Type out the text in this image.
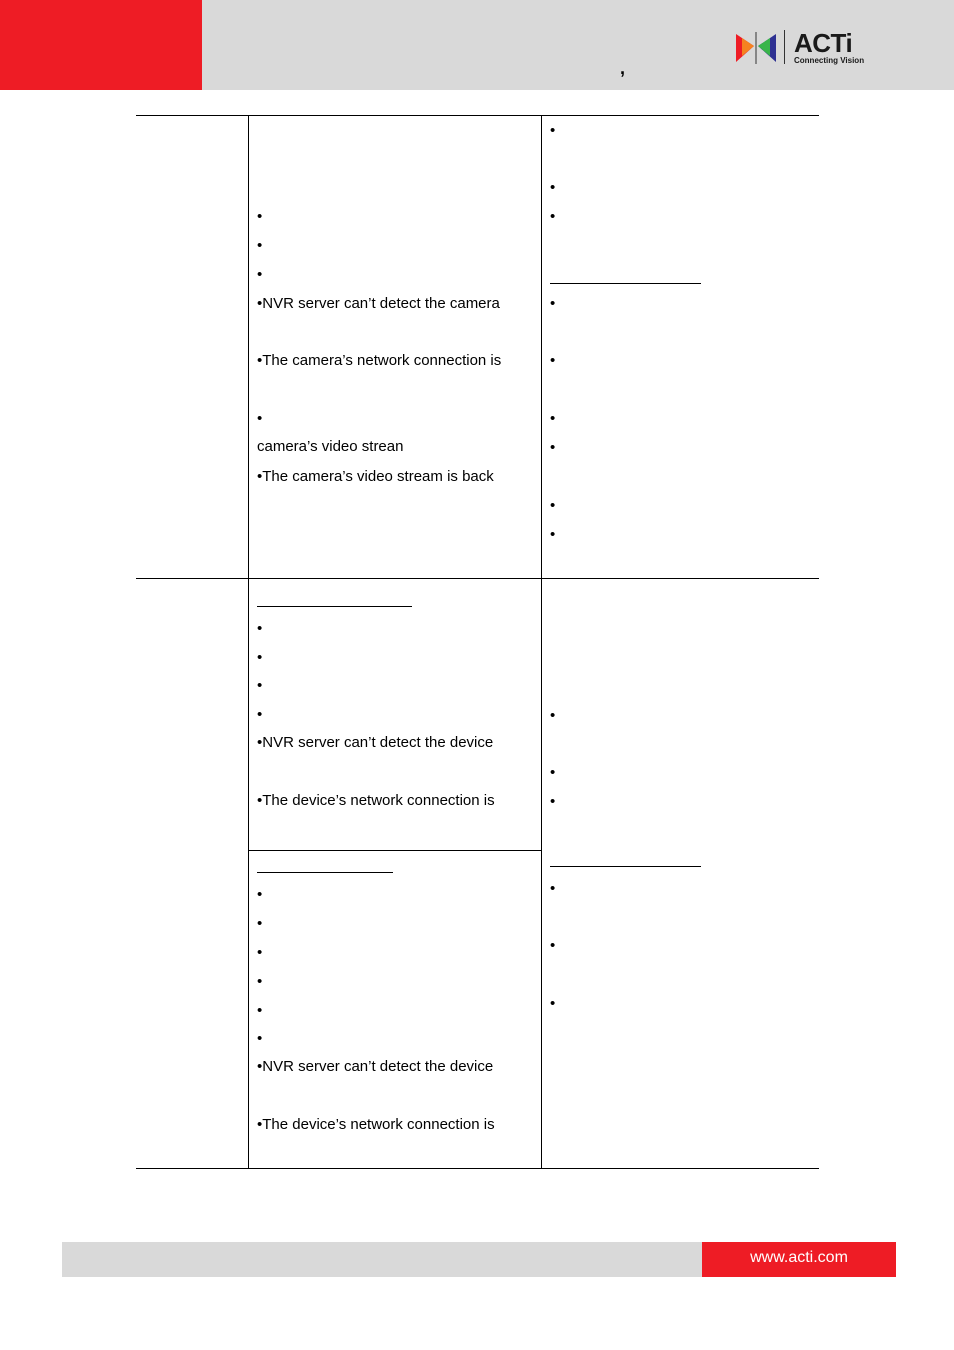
,
ACTi
Connecting Vision
•
•
•
• NVR server can’t detect the camera
• The camera’s network connection is
•
camera’s video strean
• The camera’s video stream is back
•
•
•
•
•
•
•
•
•
•
•
•
•
• NVR server can’t detect the device
• The device’s network connection is
•
•
•
•
•
•
• NVR server can’t detect the device
• The device’s network connection is
•
•
•
•
•
•
www.acti.com
